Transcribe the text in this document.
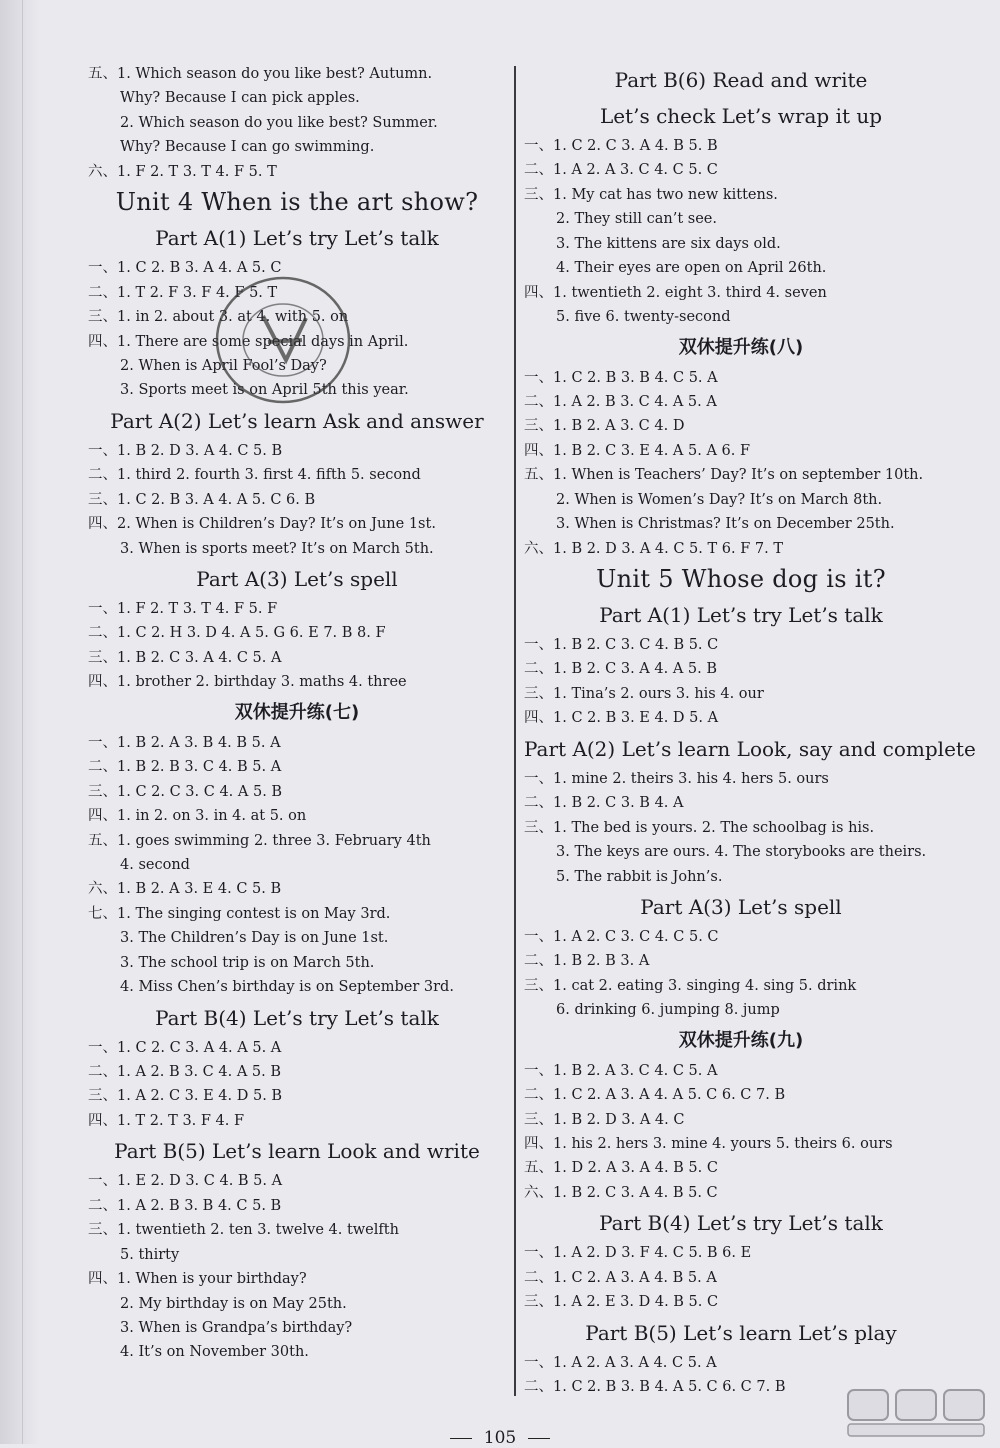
五、1. Which season do you like best? Autumn.
Why? Because I can pick apples.
2. Which season do you like best? Summer.
Why? Because I can go swimming.
六、1. F 2. T 3. T 4. F 5. T
Unit 4 When is the art show?
Part A(1) Let’s try Let’s talk
一、1. C 2. B 3. A 4. A 5. C
二、1. T 2. F 3. F 4. F 5. T
三、1. in 2. about 3. at 4. with 5. on
四、1. There are some special days in April.
2. When is April Fool’s Day?
3. Sports meet is on April 5th this year.
Part A(2) Let’s learn Ask and answer
一、1. B 2. D 3. A 4. C 5. B
二、1. third 2. fourth 3. first 4. fifth 5. second
三、1. C 2. B 3. A 4. A 5. C 6. B
四、2. When is Children’s Day? It’s on June 1st.
3. When is sports meet? It’s on March 5th.
Part A(3) Let’s spell
一、1. F 2. T 3. T 4. F 5. F
二、1. C 2. H 3. D 4. A 5. G 6. E 7. B 8. F
三、1. B 2. C 3. A 4. C 5. A
四、1. brother 2. birthday 3. maths 4. three
双休提升练(七)
一、1. B 2. A 3. B 4. B 5. A
二、1. B 2. B 3. C 4. B 5. A
三、1. C 2. C 3. C 4. A 5. B
四、1. in 2. on 3. in 4. at 5. on
五、1. goes swimming 2. three 3. February 4th
4. second
六、1. B 2. A 3. E 4. C 5. B
七、1. The singing contest is on May 3rd.
3. The Children’s Day is on June 1st.
3. The school trip is on March 5th.
4. Miss Chen’s birthday is on September 3rd.
Part B(4) Let’s try Let’s talk
一、1. C 2. C 3. A 4. A 5. A
二、1. A 2. B 3. C 4. A 5. B
三、1. A 2. C 3. E 4. D 5. B
四、1. T 2. T 3. F 4. F
Part B(5) Let’s learn Look and write
一、1. E 2. D 3. C 4. B 5. A
二、1. A 2. B 3. B 4. C 5. B
三、1. twentieth 2. ten 3. twelve 4. twelfth
5. thirty
四、1. When is your birthday?
2. My birthday is on May 25th.
3. When is Grandpa’s birthday?
4. It’s on November 30th.
Part B(6) Read and write
Let’s check Let’s wrap it up
一、1. C 2. C 3. A 4. B 5. B
二、1. A 2. A 3. C 4. C 5. C
三、1. My cat has two new kittens.
2. They still can’t see.
3. The kittens are six days old.
4. Their eyes are open on April 26th.
四、1. twentieth 2. eight 3. third 4. seven
5. five 6. twenty-second
双休提升练(八)
一、1. C 2. B 3. B 4. C 5. A
二、1. A 2. B 3. C 4. A 5. A
三、1. B 2. A 3. C 4. D
四、1. B 2. C 3. E 4. A 5. A 6. F
五、1. When is Teachers’ Day? It’s on september 10th.
2. When is Women’s Day? It’s on March 8th.
3. When is Christmas? It’s on December 25th.
六、1. B 2. D 3. A 4. C 5. T 6. F 7. T
Unit 5 Whose dog is it?
Part A(1) Let’s try Let’s talk
一、1. B 2. C 3. C 4. B 5. C
二、1. B 2. C 3. A 4. A 5. B
三、1. Tina’s 2. ours 3. his 4. our
四、1. C 2. B 3. E 4. D 5. A
Part A(2) Let’s learn Look, say and complete
一、1. mine 2. theirs 3. his 4. hers 5. ours
二、1. B 2. C 3. B 4. A
三、1. The bed is yours. 2. The schoolbag is his.
3. The keys are ours. 4. The storybooks are theirs.
5. The rabbit is John’s.
Part A(3) Let’s spell
一、1. A 2. C 3. C 4. C 5. C
二、1. B 2. B 3. A
三、1. cat 2. eating 3. singing 4. sing 5. drink
6. drinking 6. jumping 8. jump
双休提升练(九)
一、1. B 2. A 3. C 4. C 5. A
二、1. C 2. A 3. A 4. A 5. C 6. C 7. B
三、1. B 2. D 3. A 4. C
四、1. his 2. hers 3. mine 4. yours 5. theirs 6. ours
五、1. D 2. A 3. A 4. B 5. C
六、1. B 2. C 3. A 4. B 5. C
Part B(4) Let’s try Let’s talk
一、1. A 2. D 3. F 4. C 5. B 6. E
二、1. C 2. A 3. A 4. B 5. A
三、1. A 2. E 3. D 4. B 5. C
Part B(5) Let’s learn Let’s play
一、1. A 2. A 3. A 4. C 5. A
二、1. C 2. B 3. B 4. A 5. C 6. C 7. B
105
